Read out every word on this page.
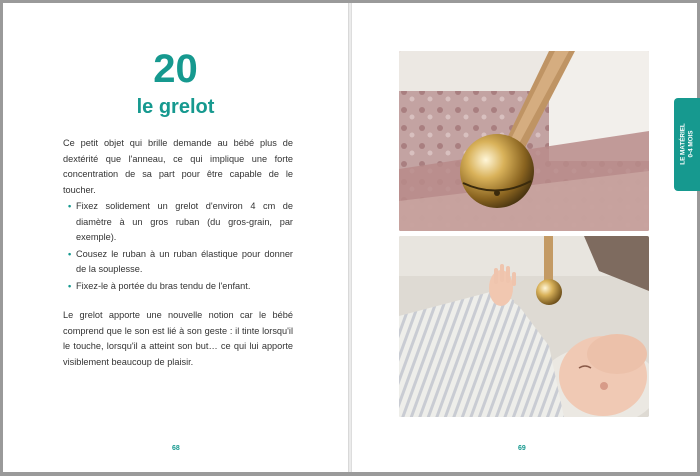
20
le grelot
Ce petit objet qui brille demande au bébé plus de dextérité que l'anneau, ce qui implique une forte concentration de sa part pour être capable de le toucher.
• Fixez solidement un grelot d'environ 4 cm de diamètre à un gros ruban (du gros-grain, par exemple).
• Cousez le ruban à un ruban élastique pour donner de la souplesse.
• Fixez-le à portée du bras tendu de l'enfant.
Le grelot apporte une nouvelle notion car le bébé comprend que le son est lié à son geste : il tinte lorsqu'il le touche, lorsqu'il a atteint son but… ce qui lui apporte visiblement beaucoup de plaisir.
68	69
LE MATÉRIEL 0-4 MOIS
